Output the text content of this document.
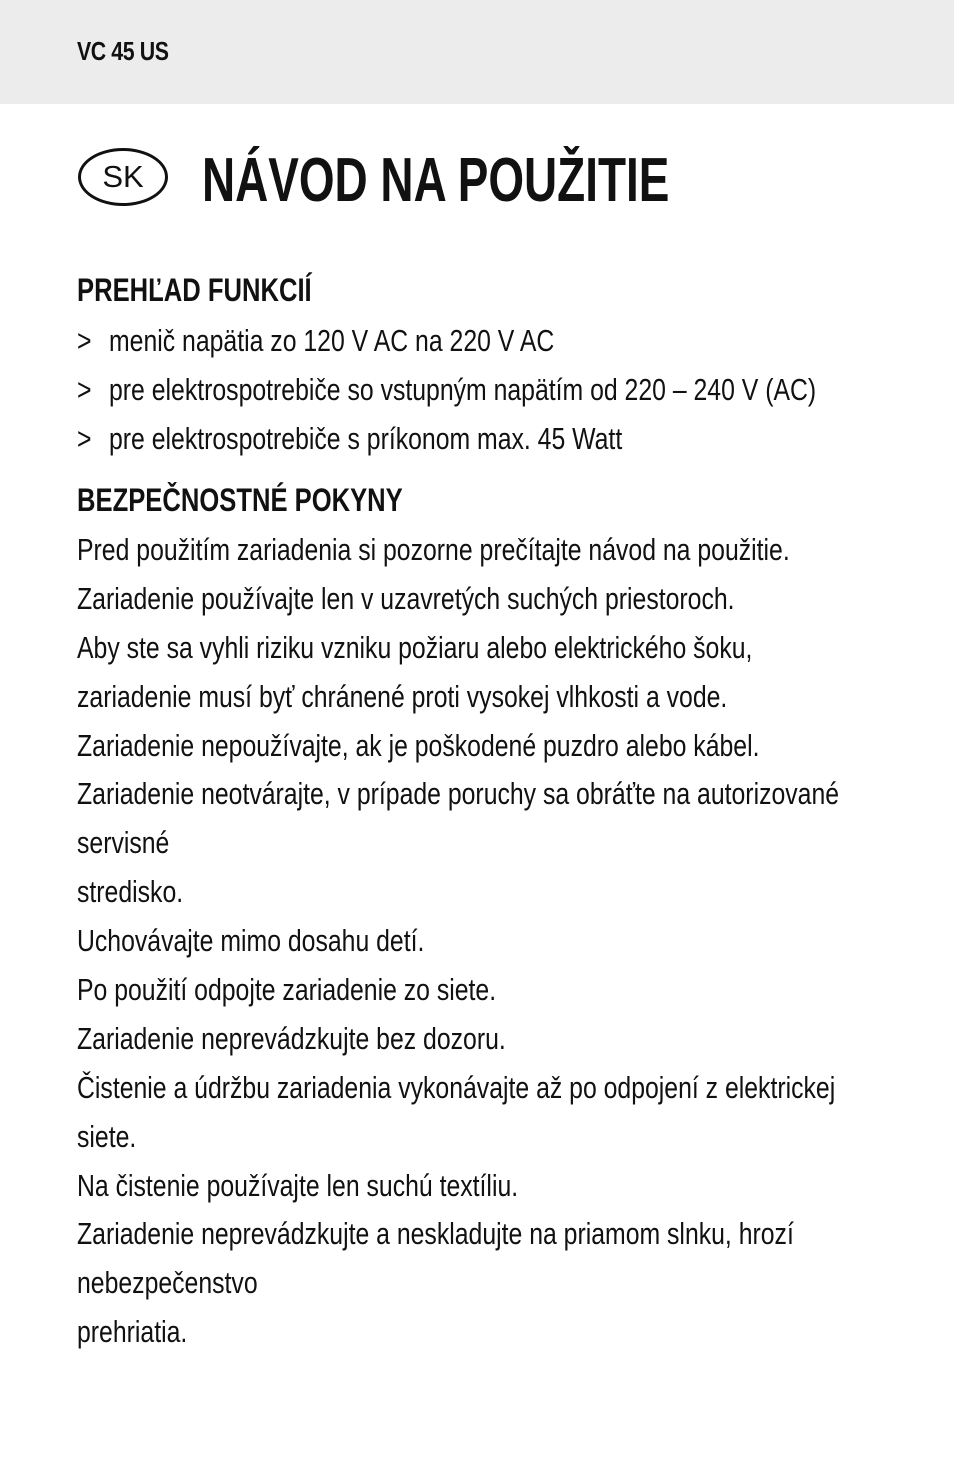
VC 45 US
SK NÁVOD NA POUŽITIE
PREHĽAD FUNKCIÍ
> menič napätia zo 120 V AC na 220 V AC
> pre elektrospotrebiče so vstupným napätím od 220 – 240 V (AC)
> pre elektrospotrebiče s príkonom max. 45 Watt
BEZPEČNOSTNÉ POKYNY
Pred použitím zariadenia si pozorne prečítajte návod na použitie.
Zariadenie používajte len v uzavretých suchých priestoroch.
Aby ste sa vyhli riziku vzniku požiaru alebo elektrického šoku,
zariadenie musí byť chránené proti vysokej vlhkosti a vode.
Zariadenie nepoužívajte, ak je poškodené puzdro alebo kábel.
Zariadenie neotvárajte, v prípade poruchy sa obráťte na autorizované
servisné
stredisko.
Uchovávajte mimo dosahu detí.
Po použití odpojte zariadenie zo siete.
Zariadenie neprevádzkujte bez dozoru.
Čistenie a údržbu zariadenia vykonávajte až po odpojení z elektrickej
siete.
Na čistenie používajte len suchú textíliu.
Zariadenie neprevádzkujte a neskladujte na priamom slnku, hrozí
nebezpečenstvo
prehriatia.
